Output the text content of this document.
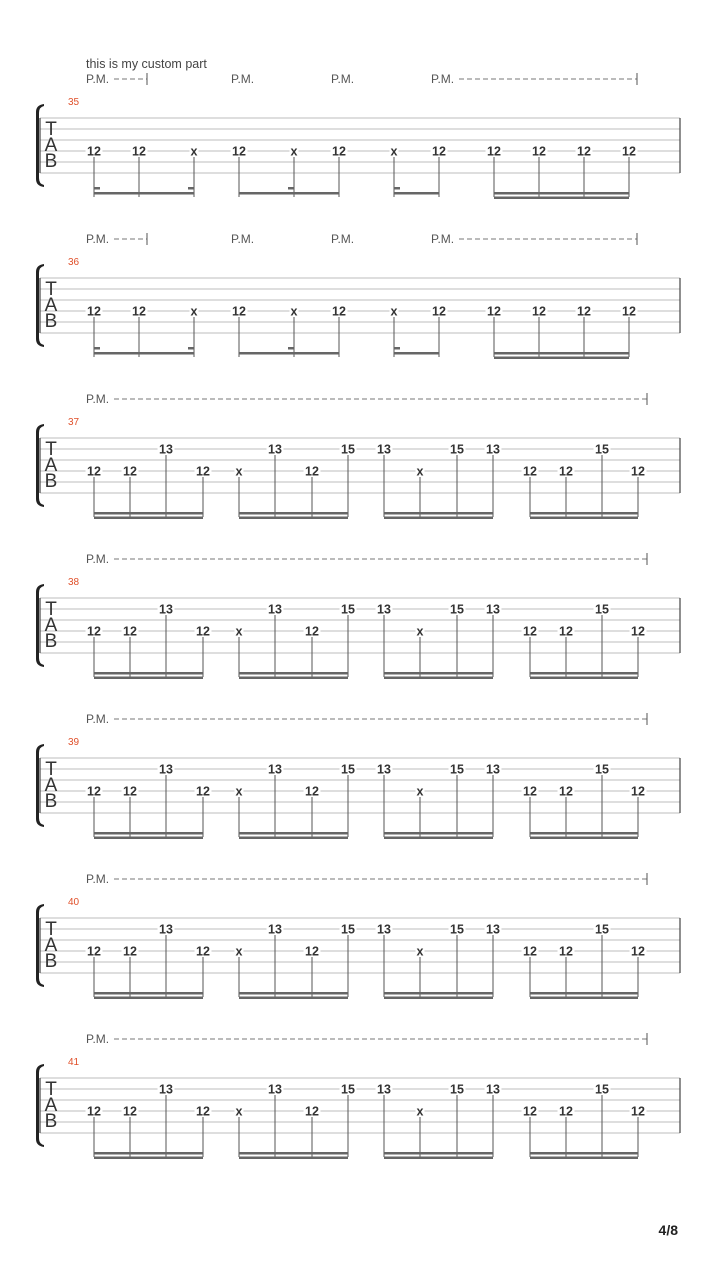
this is my custom part
T
A
B
35
P.M.	P.M.	P.M.	P.M.
12 12	x	12	x	12	x	12	12 12 12 12
T
A
B
36
P.M.	P.M.	P.M.	P.M.
12 12	x	12	x	12	x	12	12 12 12 12
T
A
B
37
P.M.
12 12
13
12 x
13
12
15 13
x
15 13
12 12
15
12
T
A
B
38
P.M.
12 12
13
12 x
13
12
15 13
x
15 13
12 12
15
12
T
A
B
39
P.M.
12 12
13
12 x
13
12
15 13
x
15 13
12 12
15
12
T
A
B
40
P.M.
12 12
13
12 x
13
12
15 13
x
15 13
12 12
15
12
T
A
B
41
P.M.
12 12
13
12 x
13
12
15 13
x
15 13
12 12
15
12
4/8
